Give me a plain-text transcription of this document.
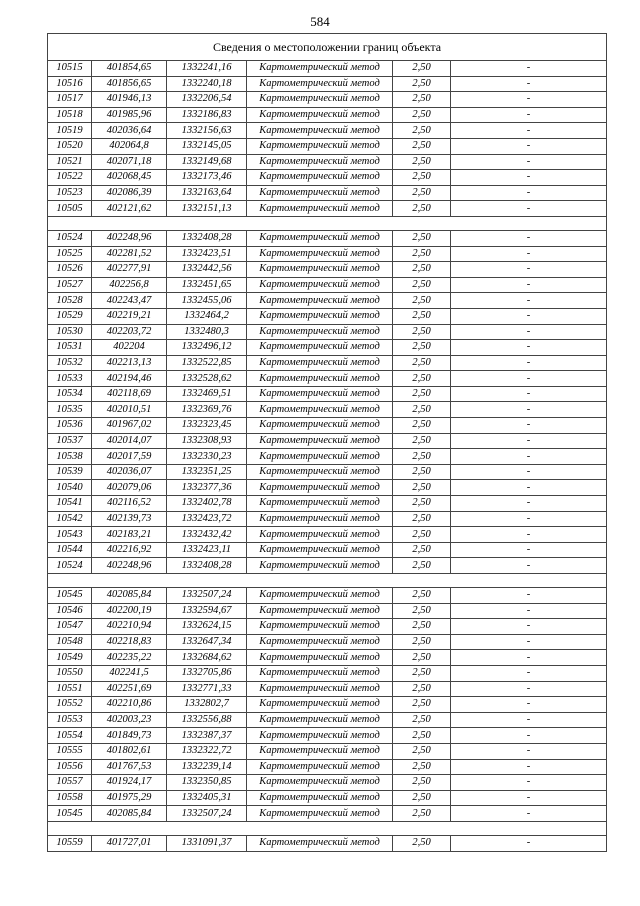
584
Сведения о местоположении границ объекта					
10515	401854,65	1332241,16	Картометрический метод	2,50	-
10516	401856,65	1332240,18	Картометрический метод	2,50	-
10517	401946,13	1332206,54	Картометрический метод	2,50	-
10518	401985,96	1332186,83	Картометрический метод	2,50	-
10519	402036,64	1332156,63	Картометрический метод	2,50	-
10520	402064,8	1332145,05	Картометрический метод	2,50	-
10521	402071,18	1332149,68	Картометрический метод	2,50	-
10522	402068,45	1332173,46	Картометрический метод	2,50	-
10523	402086,39	1332163,64	Картометрический метод	2,50	-
10505	402121,62	1332151,13	Картометрический метод	2,50	-

10524	402248,96	1332408,28	Картометрический метод	2,50	-
10525	402281,52	1332423,51	Картометрический метод	2,50	-
10526	402277,91	1332442,56	Картометрический метод	2,50	-
10527	402256,8	1332451,65	Картометрический метод	2,50	-
10528	402243,47	1332455,06	Картометрический метод	2,50	-
10529	402219,21	1332464,2	Картометрический метод	2,50	-
10530	402203,72	1332480,3	Картометрический метод	2,50	-
10531	402204	1332496,12	Картометрический метод	2,50	-
10532	402213,13	1332522,85	Картометрический метод	2,50	-
10533	402194,46	1332528,62	Картометрический метод	2,50	-
10534	402118,69	1332469,51	Картометрический метод	2,50	-
10535	402010,51	1332369,76	Картометрический метод	2,50	-
10536	401967,02	1332323,45	Картометрический метод	2,50	-
10537	402014,07	1332308,93	Картометрический метод	2,50	-
10538	402017,59	1332330,23	Картометрический метод	2,50	-
10539	402036,07	1332351,25	Картометрический метод	2,50	-
10540	402079,06	1332377,36	Картометрический метод	2,50	-
10541	402116,52	1332402,78	Картометрический метод	2,50	-
10542	402139,73	1332423,72	Картометрический метод	2,50	-
10543	402183,21	1332432,42	Картометрический метод	2,50	-
10544	402216,92	1332423,11	Картометрический метод	2,50	-
10524	402248,96	1332408,28	Картометрический метод	2,50	-

10545	402085,84	1332507,24	Картометрический метод	2,50	-
10546	402200,19	1332594,67	Картометрический метод	2,50	-
10547	402210,94	1332624,15	Картометрический метод	2,50	-
10548	402218,83	1332647,34	Картометрический метод	2,50	-
10549	402235,22	1332684,62	Картометрический метод	2,50	-
10550	402241,5	1332705,86	Картометрический метод	2,50	-
10551	402251,69	1332771,33	Картометрический метод	2,50	-
10552	402210,86	1332802,7	Картометрический метод	2,50	-
10553	402003,23	1332556,88	Картометрический метод	2,50	-
10554	401849,73	1332387,37	Картометрический метод	2,50	-
10555	401802,61	1332322,72	Картометрический метод	2,50	-
10556	401767,53	1332239,14	Картометрический метод	2,50	-
10557	401924,17	1332350,85	Картометрический метод	2,50	-
10558	401975,29	1332405,31	Картометрический метод	2,50	-
10545	402085,84	1332507,24	Картометрический метод	2,50	-

10559	401727,01	1331091,37	Картометрический метод	2,50	-
